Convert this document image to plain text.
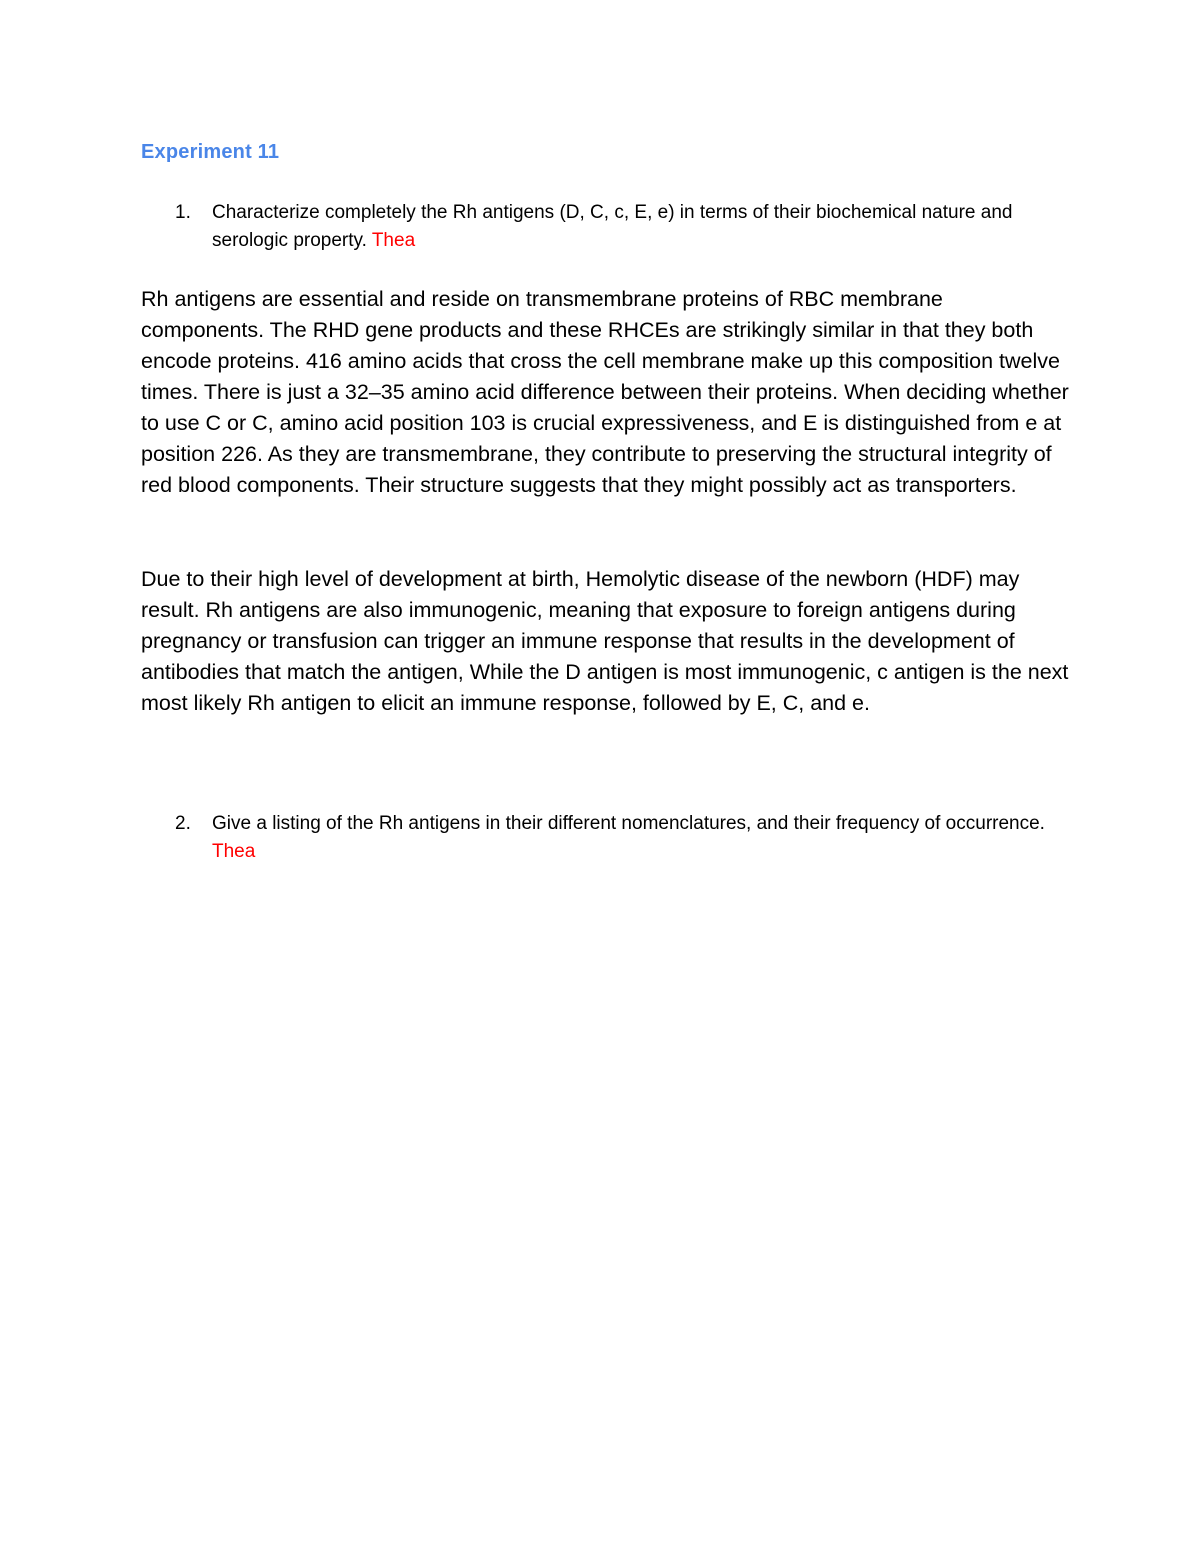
Experiment 11
1. Characterize completely the Rh antigens (D, C, c, E, e) in terms of their biochemical nature and serologic property. Thea

Rh antigens are essential and reside on transmembrane proteins of RBC membrane components. The RHD gene products and these RHCEs are strikingly similar in that they both encode proteins. 416 amino acids that cross the cell membrane make up this composition twelve times. There is just a 32–35 amino acid difference between their proteins. When deciding whether to use C or C, amino acid position 103 is crucial expressiveness, and E is distinguished from e at position 226. As they are transmembrane, they contribute to preserving the structural integrity of red blood components. Their structure suggests that they might possibly act as transporters.

Due to their high level of development at birth, Hemolytic disease of the newborn (HDF) may result. Rh antigens are also immunogenic, meaning that exposure to foreign antigens during pregnancy or transfusion can trigger an immune response that results in the development of antibodies that match the antigen, While the D antigen is most immunogenic, c antigen is the next most likely Rh antigen to elicit an immune response, followed by E, C, and e.

2. Give a listing of the Rh antigens in their different nomenclatures, and their frequency of occurrence. Thea
